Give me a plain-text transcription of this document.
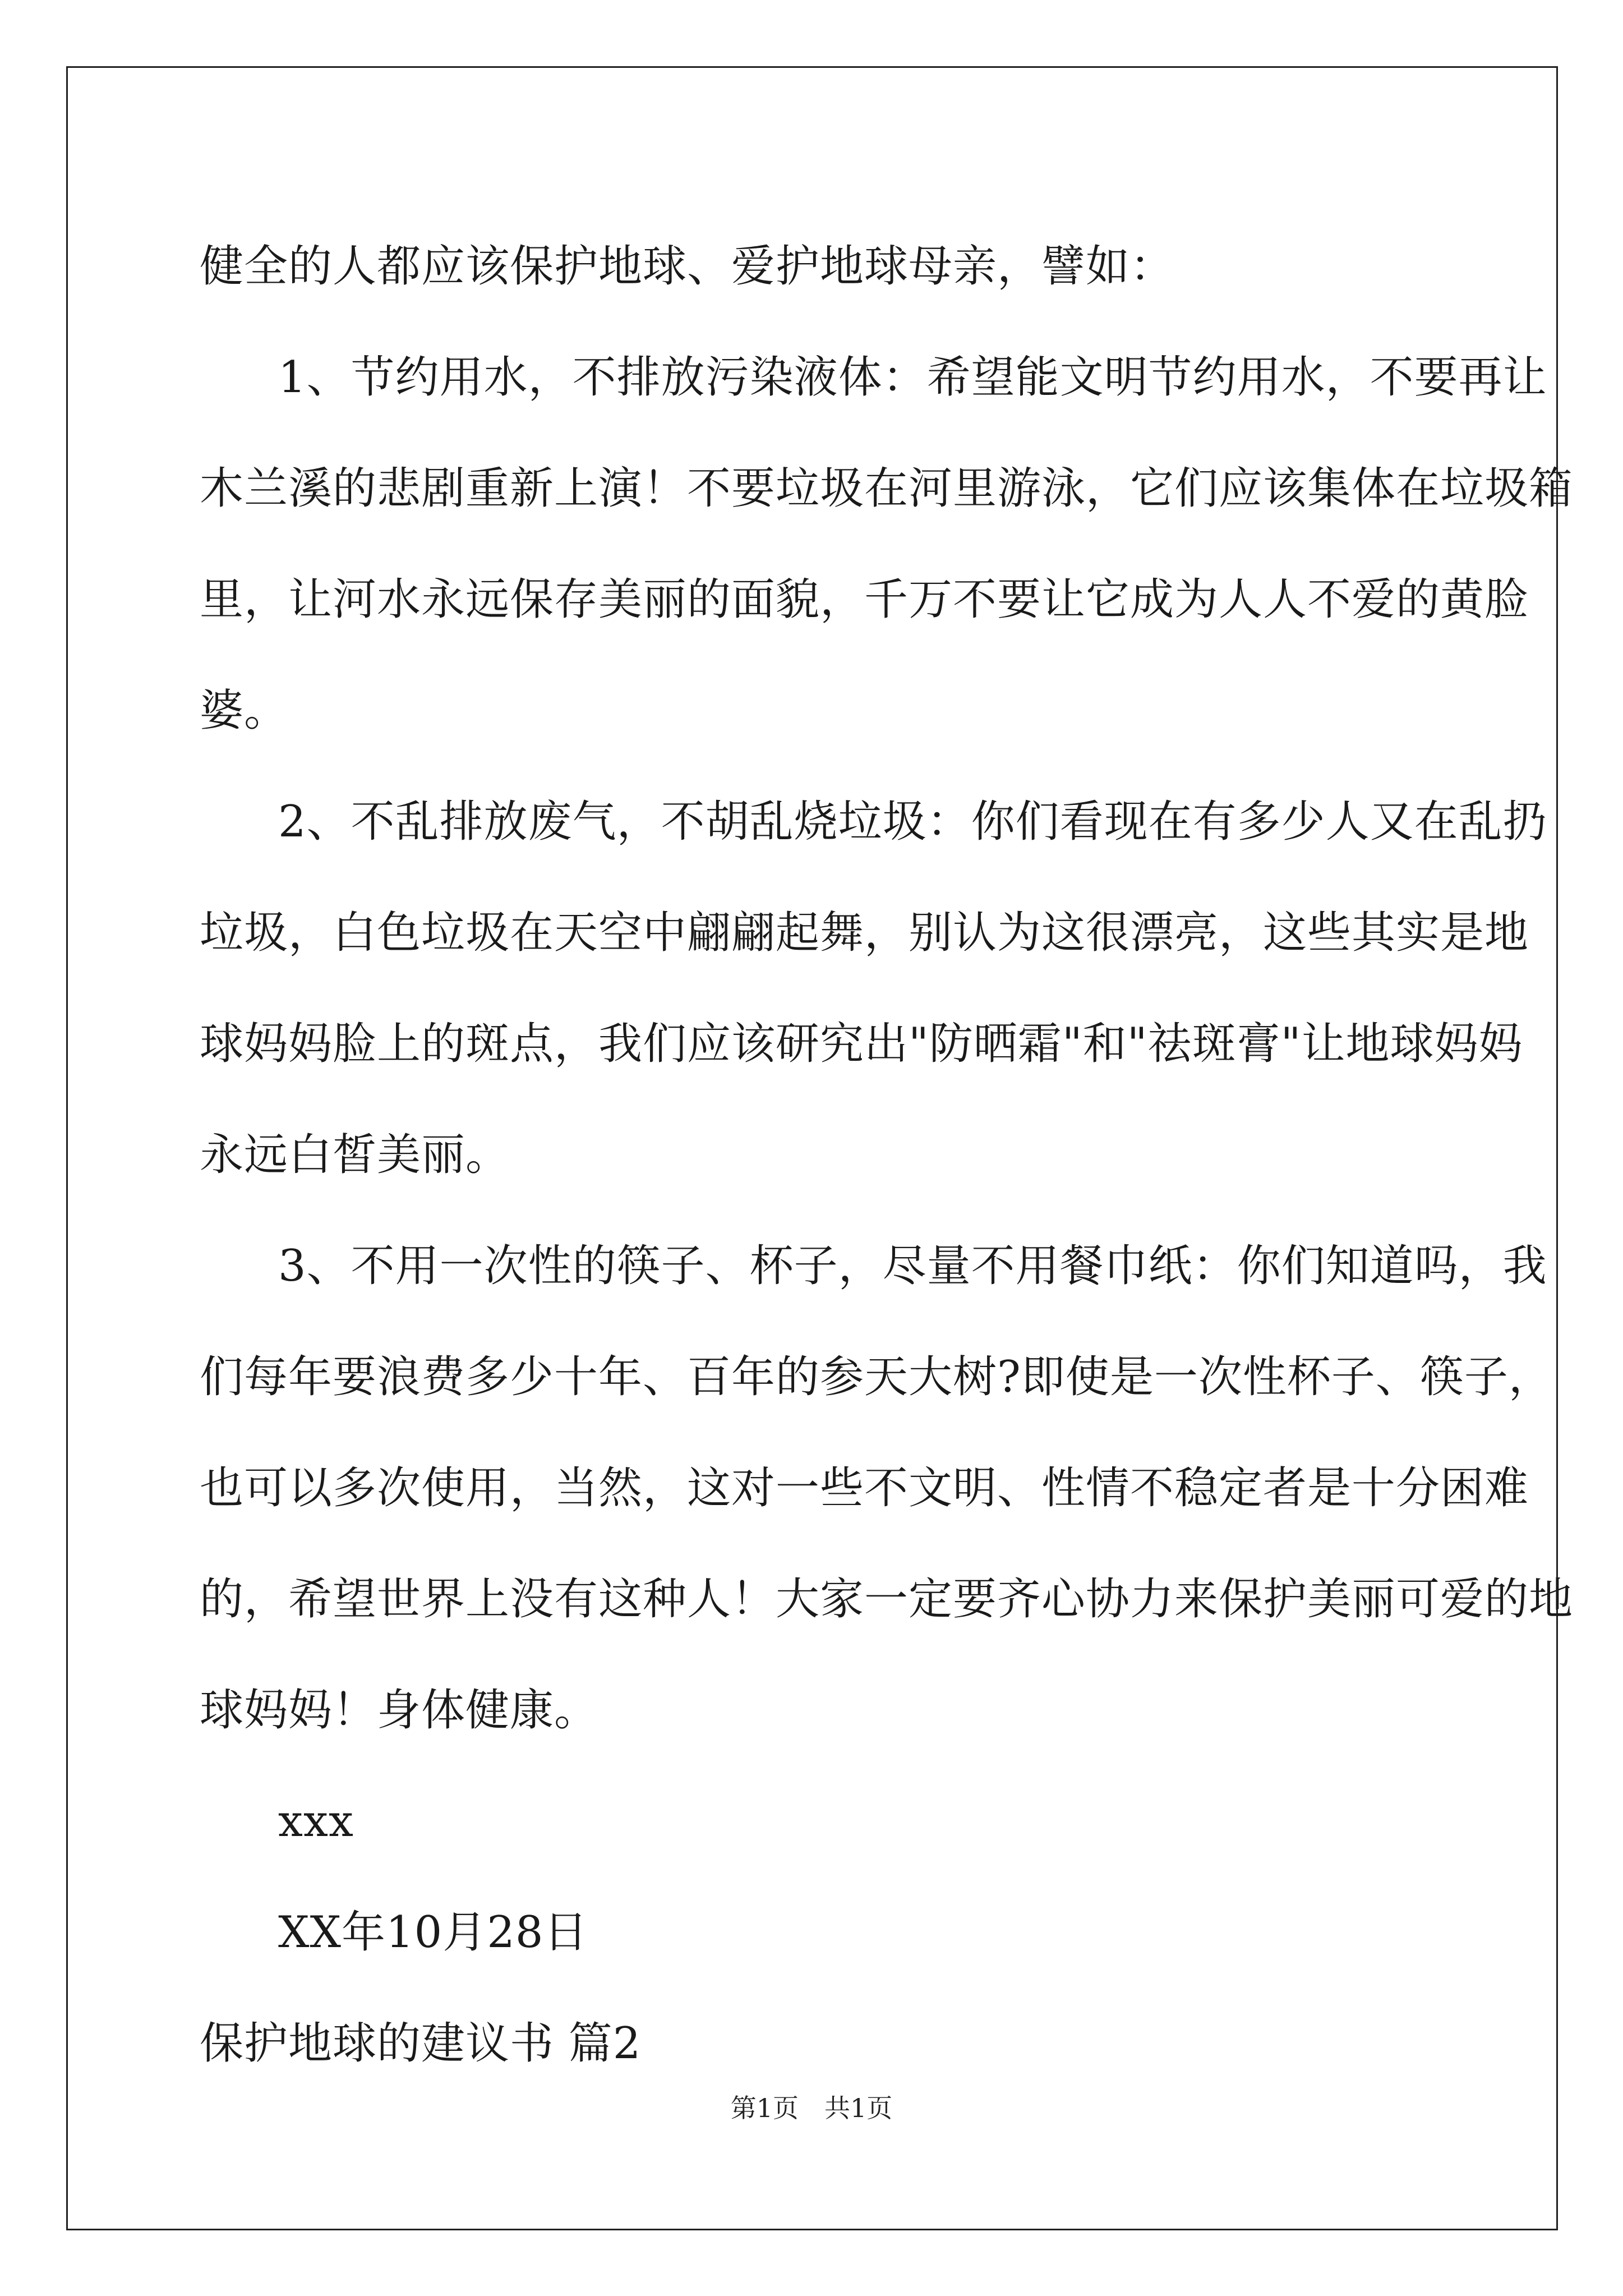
健全的人都应该保护地球、爱护地球母亲，譬如：
1、节约用水，不排放污染液体：希望能文明节约用水，不要再让
木兰溪的悲剧重新上演！不要垃圾在河里游泳，它们应该集体在垃圾箱
里，让河水永远保存美丽的面貌，千万不要让它成为人人不爱的黄脸
婆。
2、不乱排放废气，不胡乱烧垃圾：你们看现在有多少人又在乱扔
垃圾，白色垃圾在天空中翩翩起舞，别认为这很漂亮，这些其实是地
球妈妈脸上的斑点，我们应该研究出"防晒霜"和"祛斑膏"让地球妈妈
永远白皙美丽。
3、不用一次性的筷子、杯子，尽量不用餐巾纸：你们知道吗，我
们每年要浪费多少十年、百年的参天大树?即使是一次性杯子、筷子，
也可以多次使用，当然，这对一些不文明、性情不稳定者是十分困难
的，希望世界上没有这种人！大家一定要齐心协力来保护美丽可爱的地
球妈妈！身体健康。
xxx
XX年10月28日
保护地球的建议书 篇2
第1页　共1页
